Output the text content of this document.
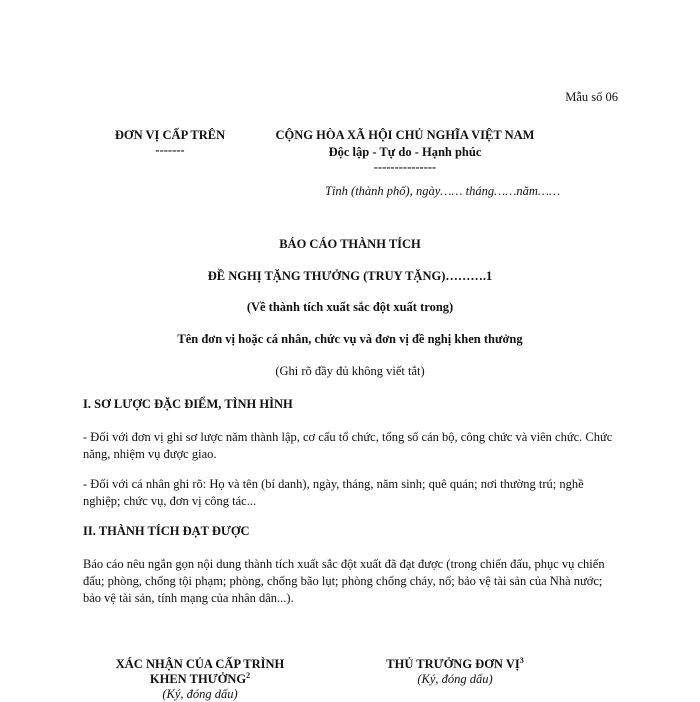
Mẫu số 06
ĐƠN VỊ CẤP TRÊN
-------
CỘNG HÒA XÃ HỘI CHỦ NGHĨA VIỆT NAM
Độc lập - Tự do - Hạnh phúc
---------------
Tỉnh (thành phố), ngày…… tháng……năm……
BÁO CÁO THÀNH TÍCH
ĐỀ NGHỊ TẶNG THƯỞNG (TRUY TẶNG)……….1
(Về thành tích xuất sắc đột xuất trong)
Tên đơn vị hoặc cá nhân, chức vụ và đơn vị đề nghị khen thưởng
(Ghi rõ đầy đủ không viết tắt)
I. SƠ LƯỢC ĐẶC ĐIỂM, TÌNH HÌNH
- Đối với đơn vị ghi sơ lược năm thành lập, cơ cấu tổ chức, tổng số cán bộ, công chức và viên chức. Chức năng, nhiệm vụ được giao.
- Đối với cá nhân ghi rõ: Họ và tên (bí danh), ngày, tháng, năm sinh; quê quán; nơi thường trú; nghề nghiệp; chức vụ, đơn vị công tác...
II. THÀNH TÍCH ĐẠT ĐƯỢC
Báo cáo nêu ngắn gọn nội dung thành tích xuất sắc đột xuất đã đạt được (trong chiến đấu, phục vụ chiến đấu; phòng, chống tội phạm; phòng, chống bão lụt; phòng chống cháy, nổ; bảo vệ tài sản của Nhà nước; bảo vệ tài sản, tính mạng của nhân dân...).
XÁC NHẬN CỦA CẤP TRÌNH
KHEN THƯỞNG$^2$
(Ký, đóng dấu)
THỦ TRƯỞNG ĐƠN VỊ$^3$
(Ký, đóng dấu)
